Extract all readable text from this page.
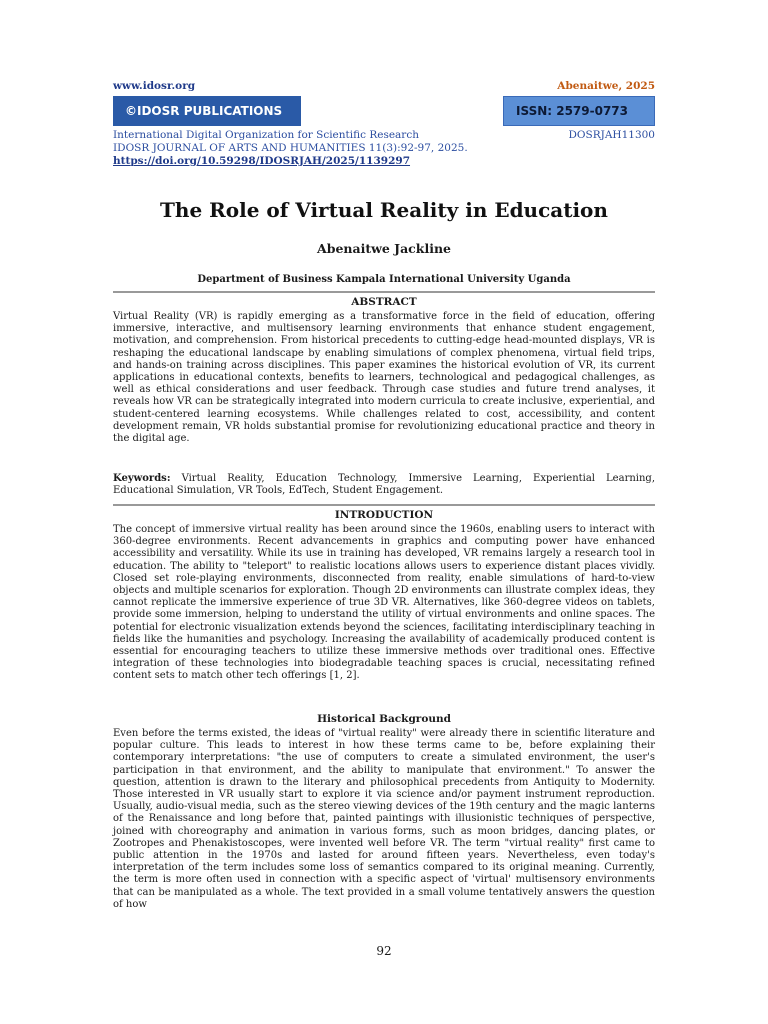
www.idosr.org	Abenaitwe, 2025
©IDOSR PUBLICATIONS	ISSN: 2579-0773
International Digital Organization for Scientific Research	DOSRJAH11300
IDOSR JOURNAL OF ARTS AND HUMANITIES 11(3):92-97, 2025.
https://doi.org/10.59298/IDOSRJAH/2025/1139297
The Role of Virtual Reality in Education
Abenaitwe Jackline
Department of Business Kampala International University Uganda
ABSTRACT
Virtual Reality (VR) is rapidly emerging as a transformative force in the field of education, offering immersive, interactive, and multisensory learning environments that enhance student engagement, motivation, and comprehension. From historical precedents to cutting-edge head-mounted displays, VR is reshaping the educational landscape by enabling simulations of complex phenomena, virtual field trips, and hands-on training across disciplines. This paper examines the historical evolution of VR, its current applications in educational contexts, benefits to learners, technological and pedagogical challenges, as well as ethical considerations and user feedback. Through case studies and future trend analyses, it reveals how VR can be strategically integrated into modern curricula to create inclusive, experiential, and student-centered learning ecosystems. While challenges related to cost, accessibility, and content development remain, VR holds substantial promise for revolutionizing educational practice and theory in the digital age.
Keywords: Virtual Reality, Education Technology, Immersive Learning, Experiential Learning, Educational Simulation, VR Tools, EdTech, Student Engagement.
INTRODUCTION
The concept of immersive virtual reality has been around since the 1960s, enabling users to interact with 360-degree environments. Recent advancements in graphics and computing power have enhanced accessibility and versatility. While its use in training has developed, VR remains largely a research tool in education. The ability to "teleport" to realistic locations allows users to experience distant places vividly. Closed set role-playing environments, disconnected from reality, enable simulations of hard-to-view objects and multiple scenarios for exploration. Though 2D environments can illustrate complex ideas, they cannot replicate the immersive experience of true 3D VR. Alternatives, like 360-degree videos on tablets, provide some immersion, helping to understand the utility of virtual environments and online spaces. The potential for electronic visualization extends beyond the sciences, facilitating interdisciplinary teaching in fields like the humanities and psychology. Increasing the availability of academically produced content is essential for encouraging teachers to utilize these immersive methods over traditional ones. Effective integration of these technologies into biodegradable teaching spaces is crucial, necessitating refined content sets to match other tech offerings [1, 2].
Historical Background
Even before the terms existed, the ideas of "virtual reality" were already there in scientific literature and popular culture. This leads to interest in how these terms came to be, before explaining their contemporary interpretations: "the use of computers to create a simulated environment, the user's participation in that environment, and the ability to manipulate that environment." To answer the question, attention is drawn to the literary and philosophical precedents from Antiquity to Modernity. Those interested in VR usually start to explore it via science and/or payment instrument reproduction. Usually, audio-visual media, such as the stereo viewing devices of the 19th century and the magic lanterns of the Renaissance and long before that, painted paintings with illusionistic techniques of perspective, joined with choreography and animation in various forms, such as moon bridges, dancing plates, or Zootropes and Phenakistoscopes, were invented well before VR. The term "virtual reality" first came to public attention in the 1970s and lasted for around fifteen years. Nevertheless, even today's interpretation of the term includes some loss of semantics compared to its original meaning. Currently, the term is more often used in connection with a specific aspect of 'virtual' multisensory environments that can be manipulated as a whole. The text provided in a small volume tentatively answers the question of how
92
